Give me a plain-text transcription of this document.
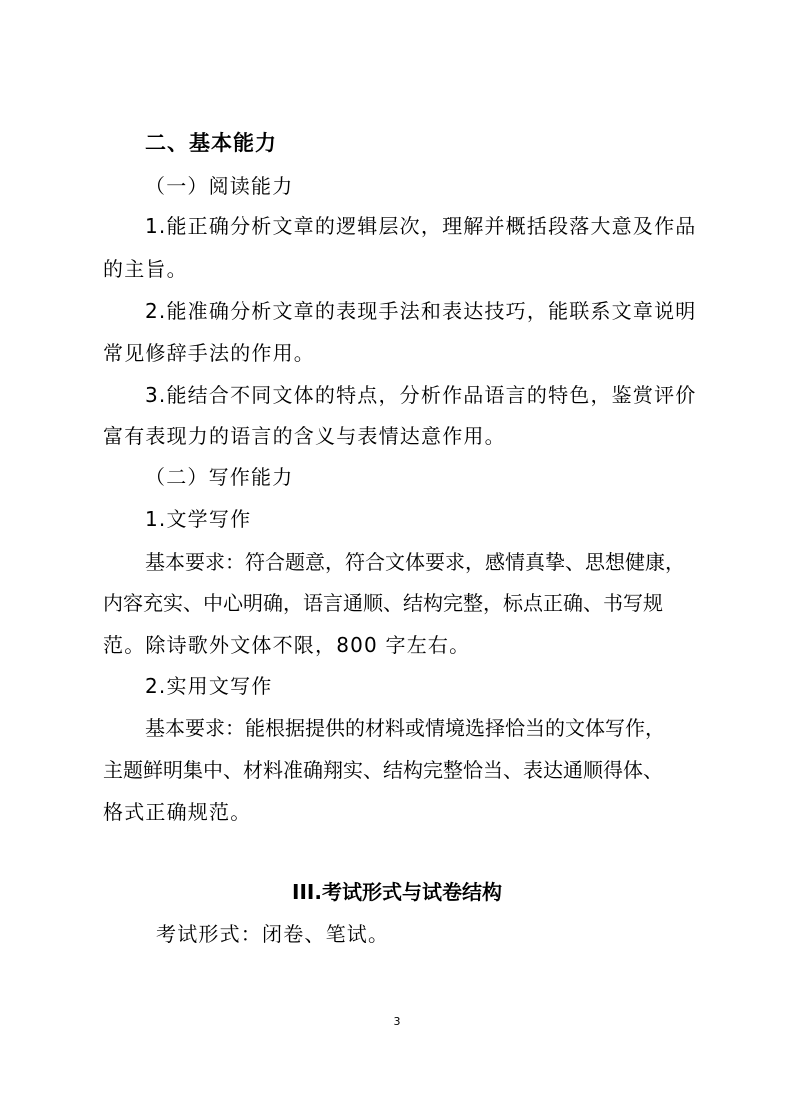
二、基本能力
（一）阅读能力
1.能正确分析文章的逻辑层次，理解并概括段落大意及作品
的主旨。
2.能准确分析文章的表现手法和表达技巧，能联系文章说明
常见修辞手法的作用。
3.能结合不同文体的特点，分析作品语言的特色，鉴赏评价
富有表现力的语言的含义与表情达意作用。
（二）写作能力
1.文学写作
基本要求：符合题意，符合文体要求，感情真挚、思想健康，
内容充实、中心明确，语言通顺、结构完整，标点正确、书写规
范。除诗歌外文体不限，800 字左右。
2.实用文写作
基本要求：能根据提供的材料或情境选择恰当的文体写作，
主题鲜明集中、材料准确翔实、结构完整恰当、表达通顺得体、
格式正确规范。
III.考试形式与试卷结构
考试形式：闭卷、笔试。
3
